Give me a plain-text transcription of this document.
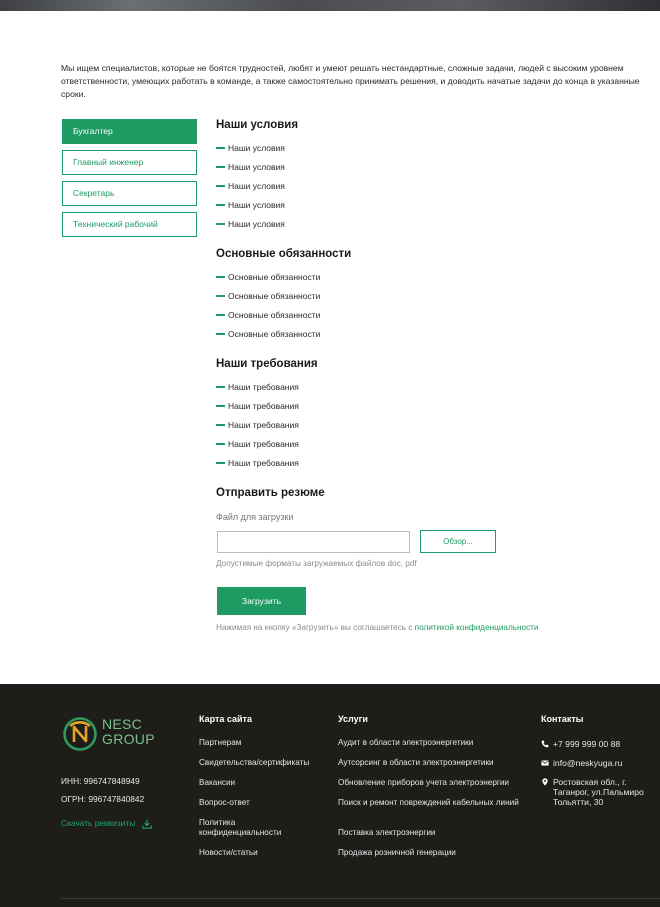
Мы ищем специалистов, которые не боятся трудностей, любят и умеют решать нестандартные, сложные задачи, людей с высоким уровнем ответственности, умеющих работать в команде, а также самостоятельно принимать решения, и доводить начатые задачи до конца в указанные сроки.

Бухгалтер
Главный инженер
Секретарь
Технический рабочий
Наши условия
Наши условия
Наши условия
Наши условия
Наши условия
Наши условия
Основные обязанности
Основные обязанности
Основные обязанности
Основные обязанности
Основные обязанности
Наши требования
Наши требования
Наши требования
Наши требования
Наши требования
Наши требования
Отправить резюме
Файл для загрузки
Обзор...
Допустимые форматы загружаемых файлов doc, pdf
Загрузить
Нажимая на кнопку «Загрузить» вы соглашаетесь с политикой конфиденциальности
NESC
GROUP
ИНН: 996747848949
ОГРН: 996747840842
Скачать реквизиты
Карта сайта
Партнерам
Свидетельства/сертификаты
Вакансии
Вопрос-ответ
Политика конфиденциальности
Новости/статьи
Услуги
Аудит в области электроэнергетики
Аутсорсинг в области электроэнергетики
Обновление приборов учета электроэнергии
Поиск и ремонт повреждений кабельных линий
Поставка электроэнергии
Продажа розничной генерации
Контакты
+7 999 999 00 88
info@neskyuga.ru
Ростовская обл., г. Таганрог, ул.Пальмиро Тольятти, 30
